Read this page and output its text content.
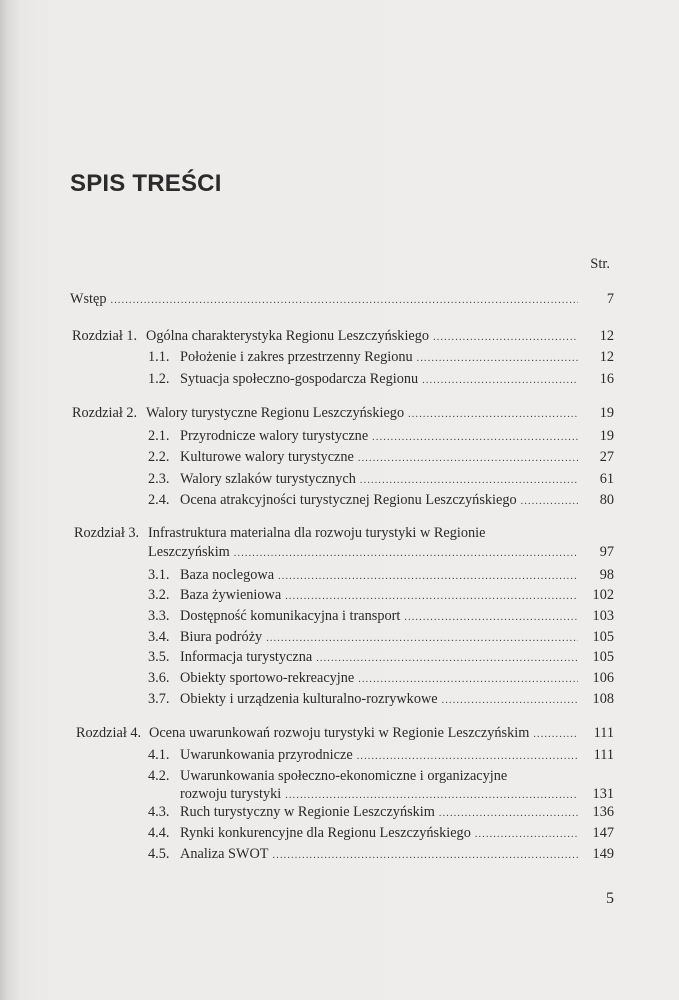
SPIS TREŚCI
Str.
Wstęp .....	7
Rozdział 1. Ogólna charakterystyka Regionu Leszczyńskiego .....	12
1.1. Położenie i zakres przestrzenny Regionu .....	12
1.2. Sytuacja społeczno-gospodarcza Regionu .....	16
Rozdział 2. Walory turystyczne Regionu Leszczyńskiego .....	19
2.1. Przyrodnicze walory turystyczne .....	19
2.2. Kulturowe walory turystyczne .....	27
2.3. Walory szlaków turystycznych .....	61
2.4. Ocena atrakcyjności turystycznej Regionu Leszczyńskiego .....	80
Rozdział 3. Infrastruktura materialna dla rozwoju turystyki w Regionie
Leszczyńskim .....	97
3.1. Baza noclegowa .....	98
3.2. Baza żywieniowa .....	102
3.3. Dostępność komunikacyjna i transport .....	103
3.4. Biura podróży .....	105
3.5. Informacja turystyczna .....	105
3.6. Obiekty sportowo-rekreacyjne .....	106
3.7. Obiekty i urządzenia kulturalno-rozrywkowe .....	108
Rozdział 4. Ocena uwarunkowań rozwoju turystyki w Regionie Leszczyńskim .....	111
4.1. Uwarunkowania przyrodnicze .....	111
4.2. Uwarunkowania społeczno-ekonomiczne i organizacyjne
rozwoju turystyki .....	131
4.3. Ruch turystyczny w Regionie Leszczyńskim .....	136
4.4. Rynki konkurencyjne dla Regionu Leszczyńskiego .....	147
4.5. Analiza SWOT .....	149
5
